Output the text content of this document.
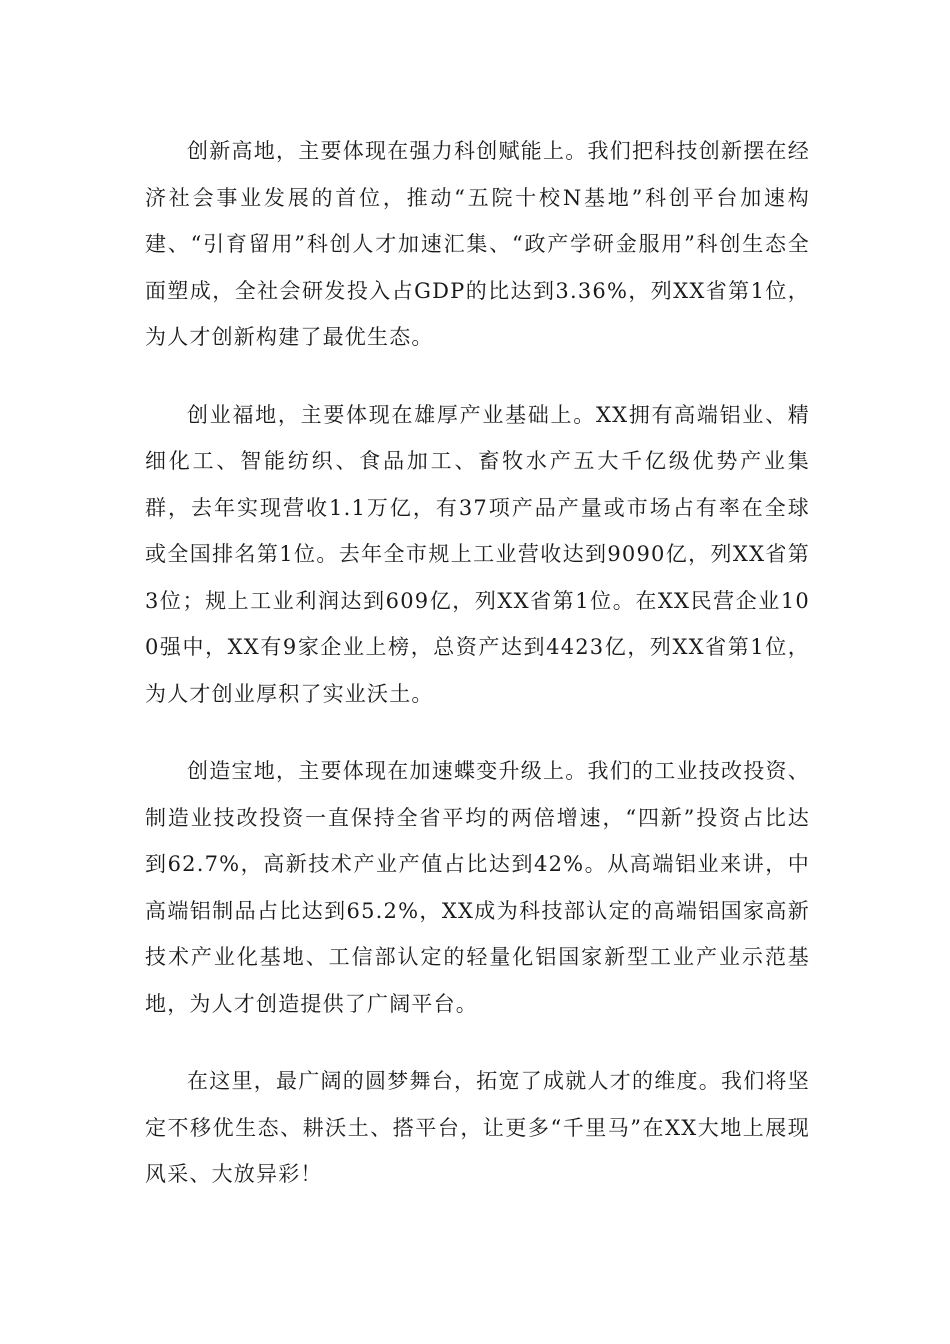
创新高地，主要体现在强力科创赋能上。我们把科技创新摆在经济社会事业发展的首位，推动“五院十校N基地”科创平台加速构建、“引育留用”科创人才加速汇集、“政产学研金服用”科创生态全面塑成，全社会研发投入占GDP的比达到3.36%，列XX省第1位，为人才创新构建了最优生态。

创业福地，主要体现在雄厚产业基础上。XX拥有高端铝业、精细化工、智能纺织、食品加工、畜牧水产五大千亿级优势产业集群，去年实现营收1.1万亿，有37项产品产量或市场占有率在全球或全国排名第1位。去年全市规上工业营收达到9090亿，列XX省第3位；规上工业利润达到609亿，列XX省第1位。在XX民营企业100强中，XX有9家企业上榜，总资产达到4423亿，列XX省第1位，为人才创业厚积了实业沃土。

创造宝地，主要体现在加速蝶变升级上。我们的工业技改投资、制造业技改投资一直保持全省平均的两倍增速，“四新”投资占比达到62.7%，高新技术产业产值占比达到42%。从高端铝业来讲，中高端铝制品占比达到65.2%，XX成为科技部认定的高端铝国家高新技术产业化基地、工信部认定的轻量化铝国家新型工业产业示范基地，为人才创造提供了广阔平台。

在这里，最广阔的圆梦舞台，拓宽了成就人才的维度。我们将坚定不移优生态、耕沃土、搭平台，让更多“千里马”在XX大地上展现风采、大放异彩！
